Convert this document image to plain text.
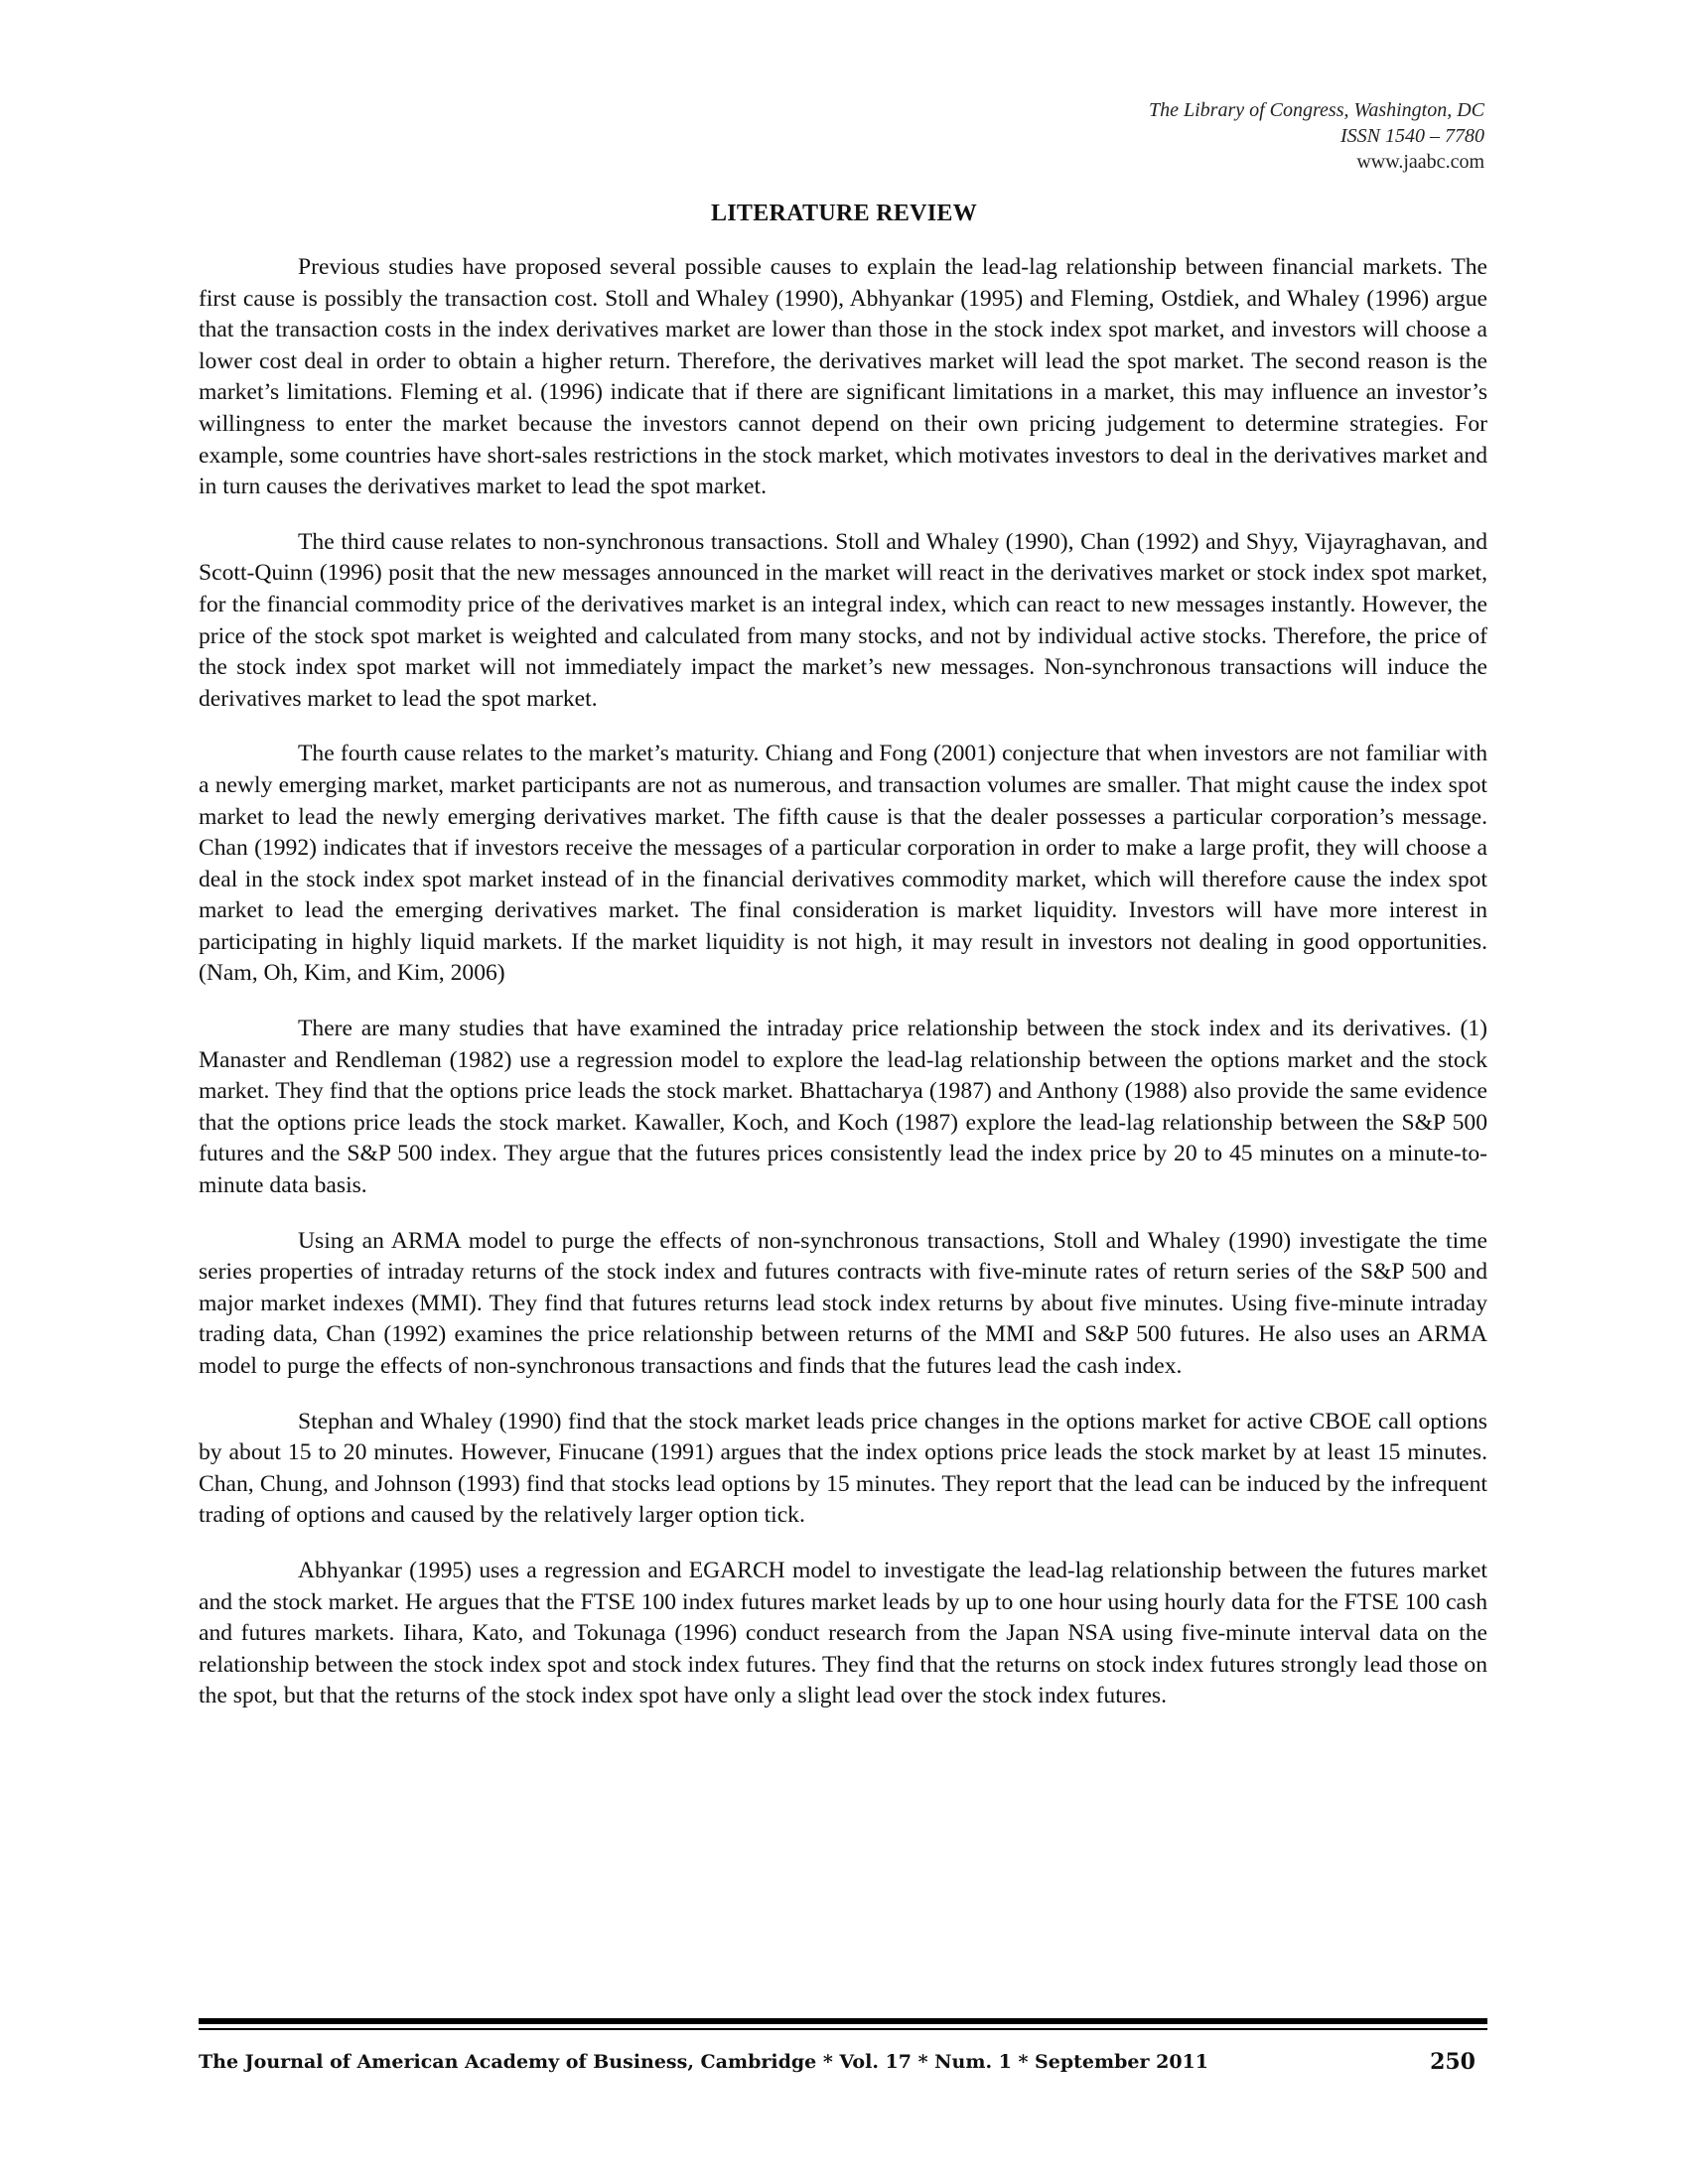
The Library of Congress, Washington, DC
ISSN 1540 – 7780
www.jaabc.com
LITERATURE REVIEW

Previous studies have proposed several possible causes to explain the lead-lag relationship between financial markets. The first cause is possibly the transaction cost. Stoll and Whaley (1990), Abhyankar (1995) and Fleming, Ostdiek, and Whaley (1996) argue that the transaction costs in the index derivatives market are lower than those in the stock index spot market, and investors will choose a lower cost deal in order to obtain a higher return. Therefore, the derivatives market will lead the spot market. The second reason is the market’s limitations. Fleming et al. (1996) indicate that if there are significant limitations in a market, this may influence an investor’s willingness to enter the market because the investors cannot depend on their own pricing judgement to determine strategies. For example, some countries have short-sales restrictions in the stock market, which motivates investors to deal in the derivatives market and in turn causes the derivatives market to lead the spot market.

The third cause relates to non-synchronous transactions. Stoll and Whaley (1990), Chan (1992) and Shyy, Vijayraghavan, and Scott-Quinn (1996) posit that the new messages announced in the market will react in the derivatives market or stock index spot market, for the financial commodity price of the derivatives market is an integral index, which can react to new messages instantly. However, the price of the stock spot market is weighted and calculated from many stocks, and not by individual active stocks. Therefore, the price of the stock index spot market will not immediately impact the market’s new messages. Non-synchronous transactions will induce the derivatives market to lead the spot market.

The fourth cause relates to the market’s maturity. Chiang and Fong (2001) conjecture that when investors are not familiar with a newly emerging market, market participants are not as numerous, and transaction volumes are smaller. That might cause the index spot market to lead the newly emerging derivatives market. The fifth cause is that the dealer possesses a particular corporation’s message. Chan (1992) indicates that if investors receive the messages of a particular corporation in order to make a large profit, they will choose a deal in the stock index spot market instead of in the financial derivatives commodity market, which will therefore cause the index spot market to lead the emerging derivatives market. The final consideration is market liquidity. Investors will have more interest in participating in highly liquid markets. If the market liquidity is not high, it may result in investors not dealing in good opportunities. (Nam, Oh, Kim, and Kim, 2006)

There are many studies that have examined the intraday price relationship between the stock index and its derivatives. (1) Manaster and Rendleman (1982) use a regression model to explore the lead-lag relationship between the options market and the stock market. They find that the options price leads the stock market. Bhattacharya (1987) and Anthony (1988) also provide the same evidence that the options price leads the stock market. Kawaller, Koch, and Koch (1987) explore the lead-lag relationship between the S&P 500 futures and the S&P 500 index. They argue that the futures prices consistently lead the index price by 20 to 45 minutes on a minute-to-minute data basis.

Using an ARMA model to purge the effects of non-synchronous transactions, Stoll and Whaley (1990) investigate the time series properties of intraday returns of the stock index and futures contracts with five-minute rates of return series of the S&P 500 and major market indexes (MMI). They find that futures returns lead stock index returns by about five minutes. Using five-minute intraday trading data, Chan (1992) examines the price relationship between returns of the MMI and S&P 500 futures. He also uses an ARMA model to purge the effects of non-synchronous transactions and finds that the futures lead the cash index.

Stephan and Whaley (1990) find that the stock market leads price changes in the options market for active CBOE call options by about 15 to 20 minutes. However, Finucane (1991) argues that the index options price leads the stock market by at least 15 minutes. Chan, Chung, and Johnson (1993) find that stocks lead options by 15 minutes. They report that the lead can be induced by the infrequent trading of options and caused by the relatively larger option tick.

Abhyankar (1995) uses a regression and EGARCH model to investigate the lead-lag relationship between the futures market and the stock market. He argues that the FTSE 100 index futures market leads by up to one hour using hourly data for the FTSE 100 cash and futures markets. Iihara, Kato, and Tokunaga (1996) conduct research from the Japan NSA using five-minute interval data on the relationship between the stock index spot and stock index futures. They find that the returns on stock index futures strongly lead those on the spot, but that the returns of the stock index spot have only a slight lead over the stock index futures.

The Journal of American Academy of Business, Cambridge * Vol. 17 * Num. 1 * September 2011	250
